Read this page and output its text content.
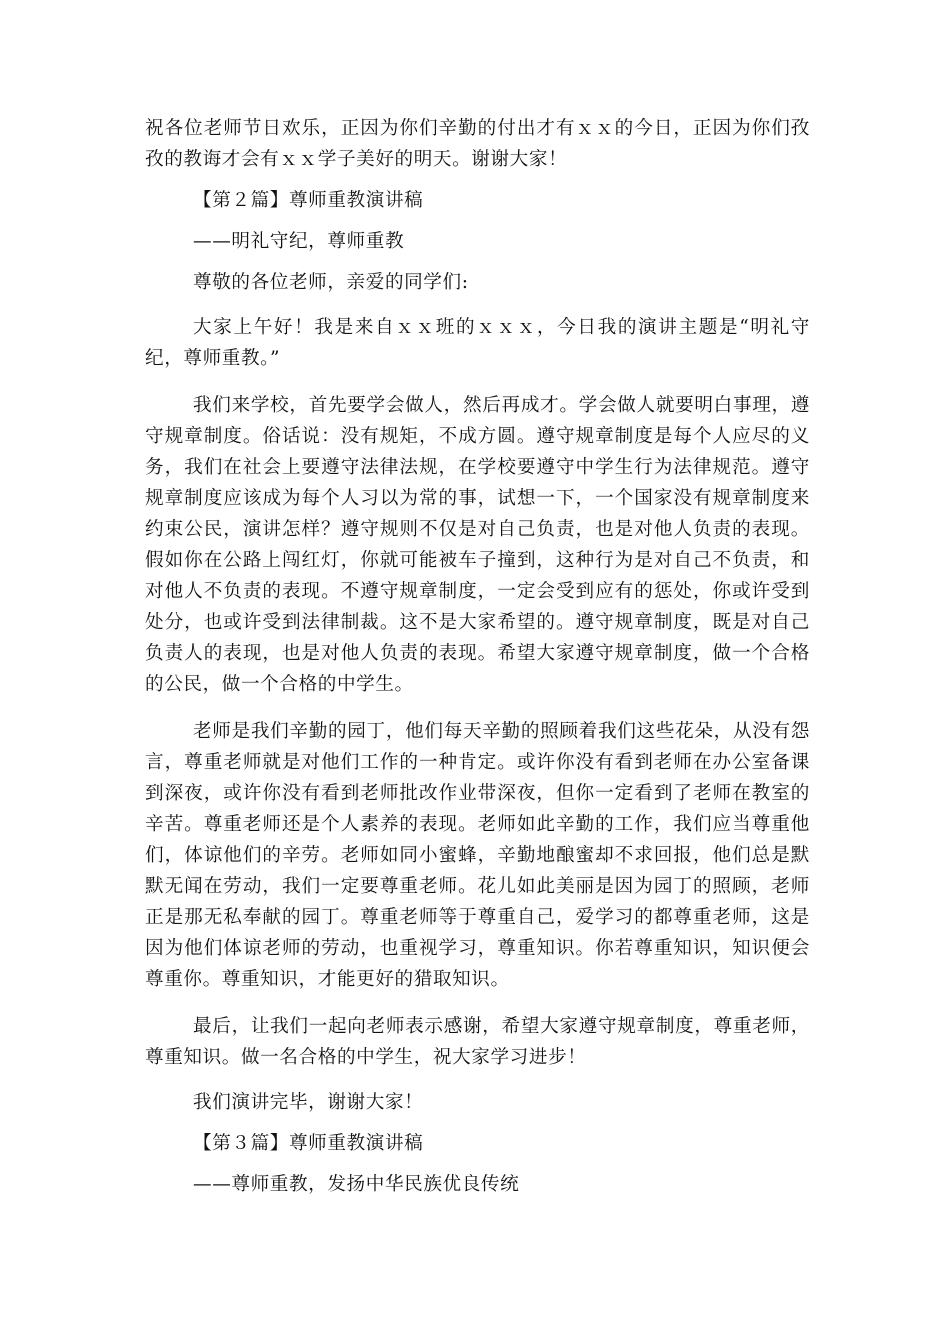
祝各位老师节日欢乐，正因为你们辛勤的付出才有ｘｘ的今日，正因为你们孜孜的教诲才会有ｘｘ学子美好的明天。谢谢大家！

【第２篇】尊师重教演讲稿

——明礼守纪，尊师重教

尊敬的各位老师，亲爱的同学们:

大家上午好！我是来自ｘｘ班的ｘｘｘ，今日我的演讲主题是“明礼守纪，尊师重教。”

我们来学校，首先要学会做人，然后再成才。学会做人就要明白事理，遵守规章制度。俗话说：没有规矩，不成方圆。遵守规章制度是每个人应尽的义务，我们在社会上要遵守法律法规，在学校要遵守中学生行为法律规范。遵守规章制度应该成为每个人习以为常的事，试想一下，一个国家没有规章制度来约束公民，演讲怎样？遵守规则不仅是对自己负责，也是对他人负责的表现。假如你在公路上闯红灯，你就可能被车子撞到，这种行为是对自己不负责，和对他人不负责的表现。不遵守规章制度，一定会受到应有的惩处，你或许受到处分，也或许受到法律制裁。这不是大家希望的。遵守规章制度，既是对自己负责人的表现，也是对他人负责的表现。希望大家遵守规章制度，做一个合格的公民，做一个合格的中学生。

老师是我们辛勤的园丁，他们每天辛勤的照顾着我们这些花朵，从没有怨言，尊重老师就是对他们工作的一种肯定。或许你没有看到老师在办公室备课到深夜，或许你没有看到老师批改作业带深夜，但你一定看到了老师在教室的辛苦。尊重老师还是个人素养的表现。老师如此辛勤的工作，我们应当尊重他们，体谅他们的辛劳。老师如同小蜜蜂，辛勤地酿蜜却不求回报，他们总是默默无闻在劳动，我们一定要尊重老师。花儿如此美丽是因为园丁的照顾，老师正是那无私奉献的园丁。尊重老师等于尊重自己，爱学习的都尊重老师，这是因为他们体谅老师的劳动，也重视学习，尊重知识。你若尊重知识，知识便会尊重你。尊重知识，才能更好的猎取知识。

最后，让我们一起向老师表示感谢，希望大家遵守规章制度，尊重老师，尊重知识。做一名合格的中学生，祝大家学习进步！

我们演讲完毕，谢谢大家！

【第３篇】尊师重教演讲稿

——尊师重教，发扬中华民族优良传统
